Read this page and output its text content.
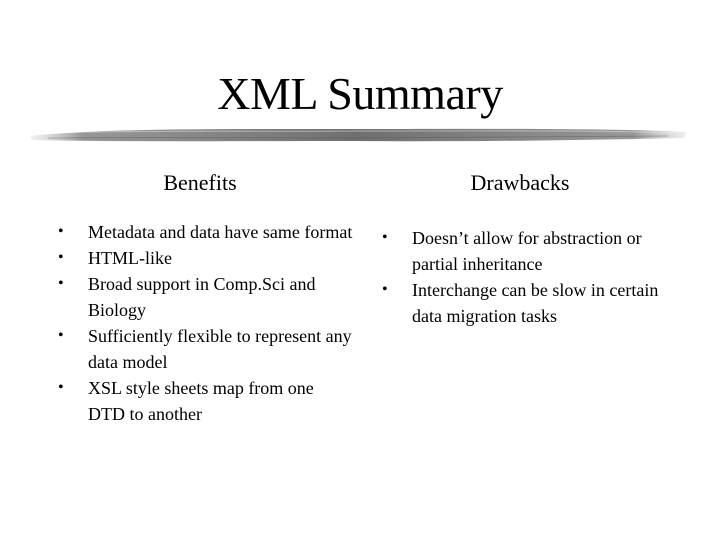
XML Summary
Benefits	Drawbacks
• Metadata and data have same format
• HTML-like
• Broad support in Comp.Sci and Biology
• Sufficiently flexible to represent any data model
• XSL style sheets map from one DTD to another
• Doesn’t allow for abstraction or partial inheritance
• Interchange can be slow in certain data migration tasks
